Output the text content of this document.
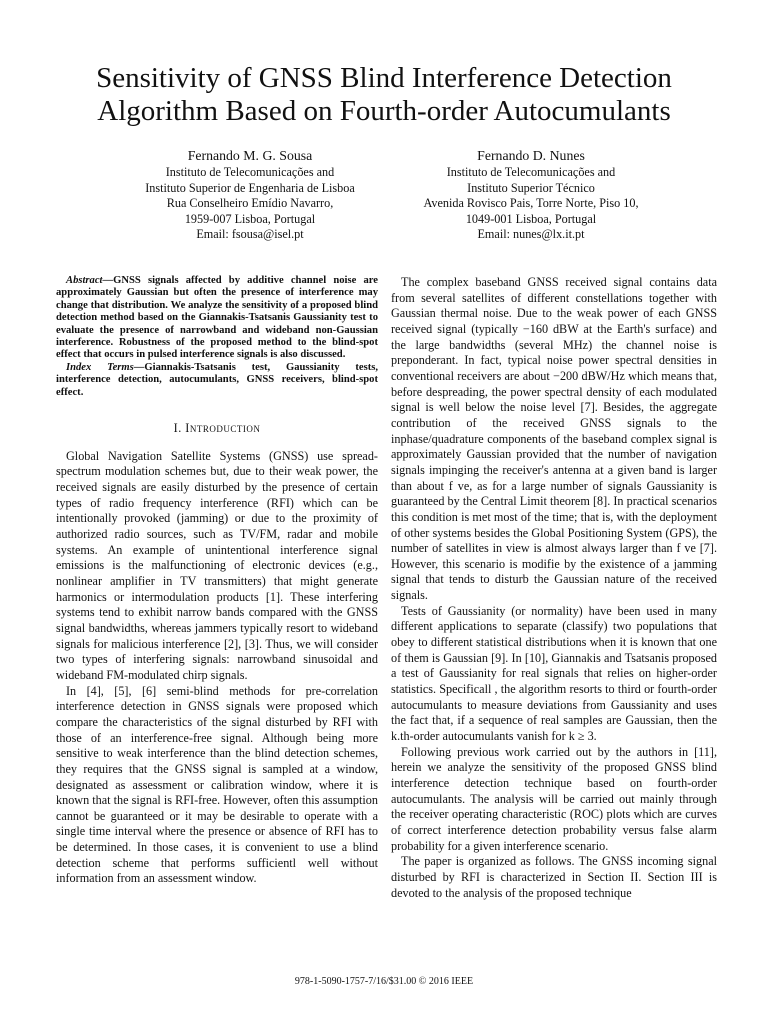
Sensitivity of GNSS Blind Interference Detection
Algorithm Based on Fourth-order Autocumulants
Fernando M. G. Sousa
Instituto de Telecomunicações and
Instituto Superior de Engenharia de Lisboa
Rua Conselheiro Emídio Navarro,
1959-007 Lisboa, Portugal
Email: fsousa@isel.pt
Fernando D. Nunes
Instituto de Telecomunicações and
Instituto Superior Técnico
Avenida Rovisco Pais, Torre Norte, Piso 10,
1049-001 Lisboa, Portugal
Email: nunes@lx.it.pt

Abstract—GNSS signals affected by additive channel noise are approximately Gaussian but often the presence of interference may change that distribution. We analyze the sensitivity of a proposed blind detection method based on the Giannakis-Tsatsanis Gaussianity test to evaluate the presence of narrowband and wideband non-Gaussian interference. Robustness of the proposed method to the blind-spot effect that occurs in pulsed interference signals is also discussed.

Index Terms—Giannakis-Tsatsanis test, Gaussianity tests, interference detection, autocumulants, GNSS receivers, blind-spot effect.

I. Introduction

Global Navigation Satellite Systems (GNSS) use spread-spectrum modulation schemes but, due to their weak power, the received signals are easily disturbed by the presence of certain types of radio frequency interference (RFI) which can be intentionally provoked (jamming) or due to the proximity of authorized radio sources, such as TV/FM, radar and mobile systems. An example of unintentional interference signal emissions is the malfunctioning of electronic devices (e.g., nonlinear amplifier in TV transmitters) that might generate harmonics or intermodulation products [1]. These interfering systems tend to exhibit narrow bands compared with the GNSS signal bandwidths, whereas jammers typically resort to wideband signals for malicious interference [2], [3]. Thus, we will consider two types of interfering signals: narrowband sinusoidal and wideband FM-modulated chirp signals.

In [4], [5], [6] semi-blind methods for pre-correlation interference detection in GNSS signals were proposed which compare the characteristics of the signal disturbed by RFI with those of an interference-free signal. Although being more sensitive to weak interference than the blind detection schemes, they requires that the GNSS signal is sampled at a window, designated as assessment or calibration window, where it is known that the signal is RFI-free. However, often this assumption cannot be guaranteed or it may be desirable to operate with a single time interval where the presence or absence of RFI has to be determined. In those cases, it is convenient to use a blind detection scheme that performs sufficientl well without information from an assessment window.

The complex baseband GNSS received signal contains data from several satellites of different constellations together with Gaussian thermal noise. Due to the weak power of each GNSS received signal (typically −160 dBW at the Earth's surface) and the large bandwidths (several MHz) the channel noise is preponderant. In fact, typical noise power spectral densities in conventional receivers are about −200 dBW/Hz which means that, before despreading, the power spectral density of each modulated signal is well below the noise level [7]. Besides, the aggregate contribution of the received GNSS signals to the inphase/quadrature components of the baseband complex signal is approximately Gaussian provided that the number of navigation signals impinging the receiver's antenna at a given band is larger than about f ve, as for a large number of signals Gaussianity is guaranteed by the Central Limit theorem [8]. In practical scenarios this condition is met most of the time; that is, with the deployment of other systems besides the Global Positioning System (GPS), the number of satellites in view is almost always larger than f ve [7]. However, this scenario is modifie by the existence of a jamming signal that tends to disturb the Gaussian nature of the received signals.

Tests of Gaussianity (or normality) have been used in many different applications to separate (classify) two populations that obey to different statistical distributions when it is known that one of them is Gaussian [9]. In [10], Giannakis and Tsatsanis proposed a test of Gaussianity for real signals that relies on higher-order statistics. Specificall , the algorithm resorts to third or fourth-order autocumulants to measure deviations from Gaussianity and uses the fact that, if a sequence of real samples are Gaussian, then the k.th-order autocumulants vanish for k ≥ 3.

Following previous work carried out by the authors in [11], herein we analyze the sensitivity of the proposed GNSS blind interference detection technique based on fourth-order autocumulants. The analysis will be carried out mainly through the receiver operating characteristic (ROC) plots which are curves of correct interference detection probability versus false alarm probability for a given interference scenario.

The paper is organized as follows. The GNSS incoming signal disturbed by RFI is characterized in Section II. Section III is devoted to the analysis of the proposed technique

978-1-5090-1757-7/16/$31.00 © 2016 IEEE
